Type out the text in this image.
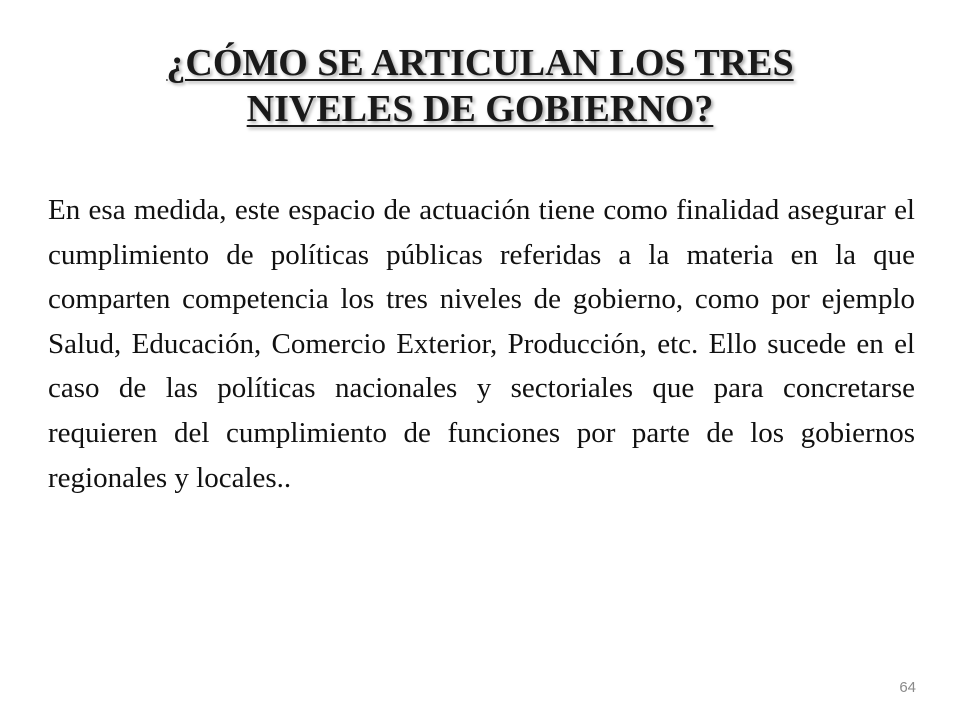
¿CÓMO SE ARTICULAN LOS TRES
NIVELES DE GOBIERNO?

En esa medida, este espacio de actuación tiene como finalidad asegurar el cumplimiento de políticas públicas referidas a la materia en la que comparten competencia los tres niveles de gobierno, como por ejemplo Salud, Educación, Comercio Exterior, Producción, etc. Ello sucede en el caso de las políticas nacionales y sectoriales que para concretarse requieren del cumplimiento de funciones por parte de los gobiernos regionales y locales..

64
